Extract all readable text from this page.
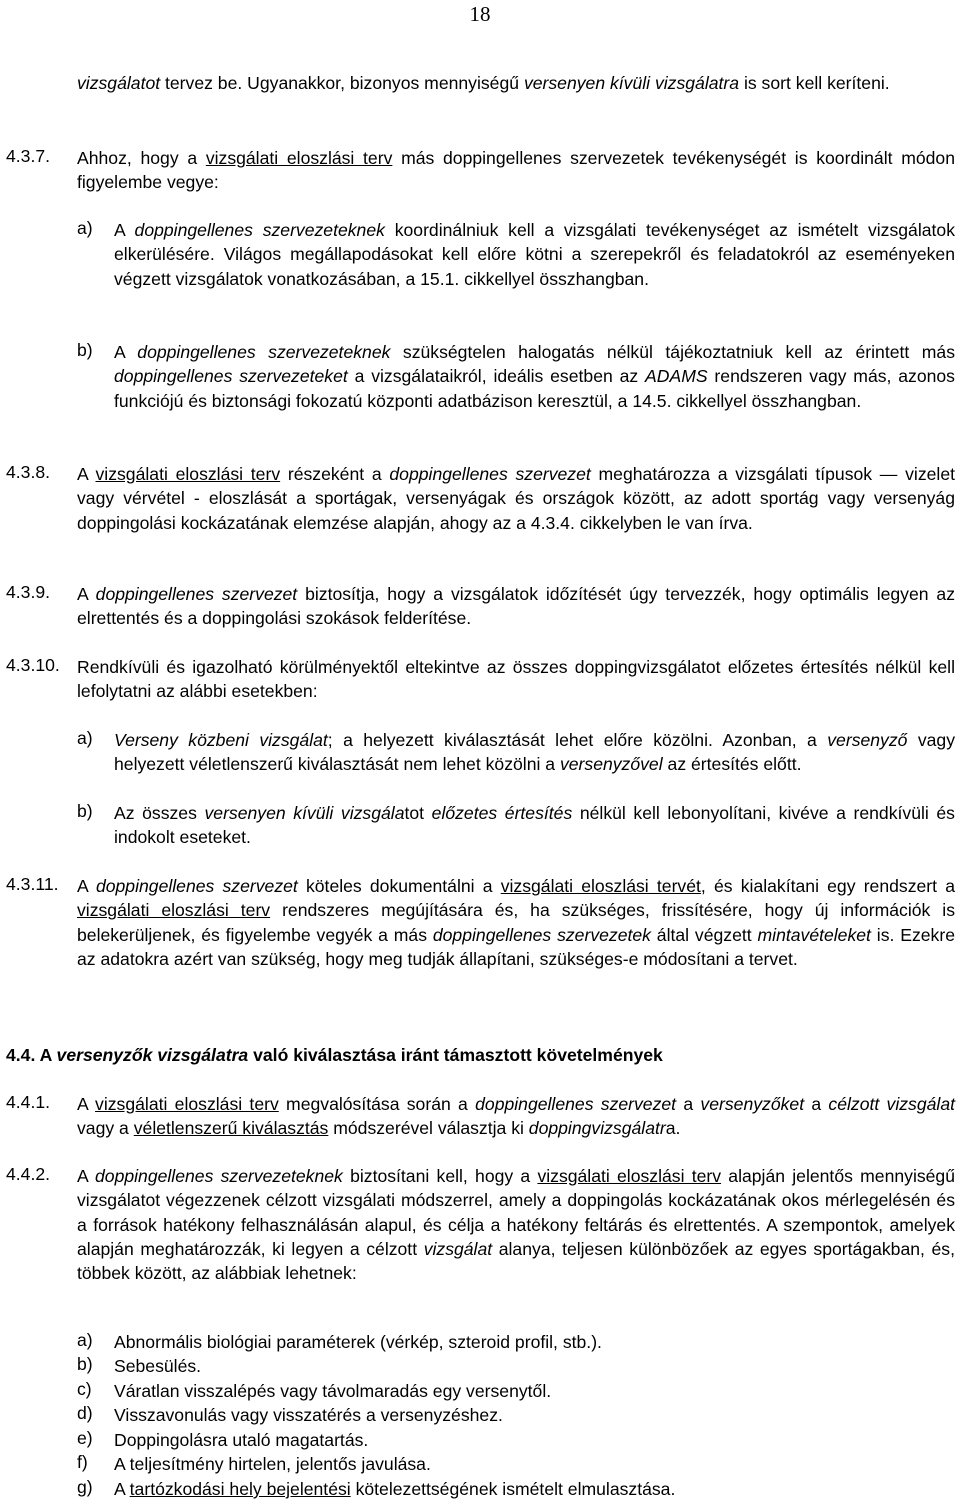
18
vizsgálatot tervez be. Ugyanakkor, bizonyos mennyiségű versenyen kívüli vizsgálatra is sort kell keríteni.
4.3.7. Ahhoz, hogy a vizsgálati eloszlási terv más doppingellenes szervezetek tevékenységét is koordinált módon figyelembe vegye:
a) A doppingellenes szervezeteknek koordinálniuk kell a vizsgálati tevékenységet az ismételt vizsgálatok elkerülésére. Világos megállapodásokat kell előre kötni a szerepekről és feladatokról az eseményeken végzett vizsgálatok vonatkozásában, a 15.1. cikkellyel összhangban.
b) A doppingellenes szervezeteknek szükségtelen halogatás nélkül tájékoztatniuk kell az érintett más doppingellenes szervezeteket a vizsgálataikról, ideális esetben az ADAMS rendszeren vagy más, azonos funkciójú és biztonsági fokozatú központi adatbázison keresztül, a 14.5. cikkellyel összhangban.
4.3.8. A vizsgálati eloszlási terv részeként a doppingellenes szervezet meghatározza a vizsgálati típusok — vizelet vagy vérvétel - eloszlását a sportágak, versenyágak és országok között, az adott sportág vagy versenyág doppingolási kockázatának elemzése alapján, ahogy az a 4.3.4. cikkelyben le van írva.
4.3.9. A doppingellenes szervezet biztosítja, hogy a vizsgálatok időzítését úgy tervezzék, hogy optimális legyen az elrettentés és a doppingolási szokások felderítése.
4.3.10. Rendkívüli és igazolható körülményektől eltekintve az összes doppingvizsgálatot előzetes értesítés nélkül kell lefolytatni az alábbi esetekben:
a) Verseny közbeni vizsgálat; a helyezett kiválasztását lehet előre közölni. Azonban, a versenyző vagy helyezett véletlenszerű kiválasztását nem lehet közölni a versenyzővel az értesítés előtt.
b) Az összes versenyen kívüli vizsgálatot előzetes értesítés nélkül kell lebonyolítani, kivéve a rendkívüli és indokolt eseteket.
4.3.11. A doppingellenes szervezet köteles dokumentálni a vizsgálati eloszlási tervét, és kialakítani egy rendszert a vizsgálati eloszlási terv rendszeres megújítására és, ha szükséges, frissítésére, hogy új információk is belekerüljenek, és figyelembe vegyék a más doppingellenes szervezetek által végzett mintavételeket is. Ezekre az adatokra azért van szükség, hogy meg tudják állapítani, szükséges-e módosítani a tervet.
4.4. A versenyzők vizsgálatra való kiválasztása iránt támasztott követelmények
4.4.1. A vizsgálati eloszlási terv megvalósítása során a doppingellenes szervezet a versenyzőket a célzott vizsgálat vagy a véletlenszerű kiválasztás módszerével választja ki doppingvizsgálatra.
4.4.2. A doppingellenes szervezeteknek biztosítani kell, hogy a vizsgálati eloszlási terv alapján jelentős mennyiségű vizsgálatot végezzenek célzott vizsgálati módszerrel, amely a doppingolás kockázatának okos mérlegelésén és a források hatékony felhasználásán alapul, és célja a hatékony feltárás és elrettentés. A szempontok, amelyek alapján meghatározzák, ki legyen a célzott vizsgálat alanya, teljesen különbözőek az egyes sportágakban, és, többek között, az alábbiak lehetnek:
a) Abnormális biológiai paraméterek (vérkép, szteroid profil, stb.).
b) Sebesülés.
c) Váratlan visszalépés vagy távolmaradás egy versenytől.
d) Visszavonulás vagy visszatérés a versenyzéshez.
e) Doppingolásra utaló magatartás.
f) A teljesítmény hirtelen, jelentős javulása.
g) A tartózkodási hely bejelentési kötelezettségének ismételt elmulasztása.
